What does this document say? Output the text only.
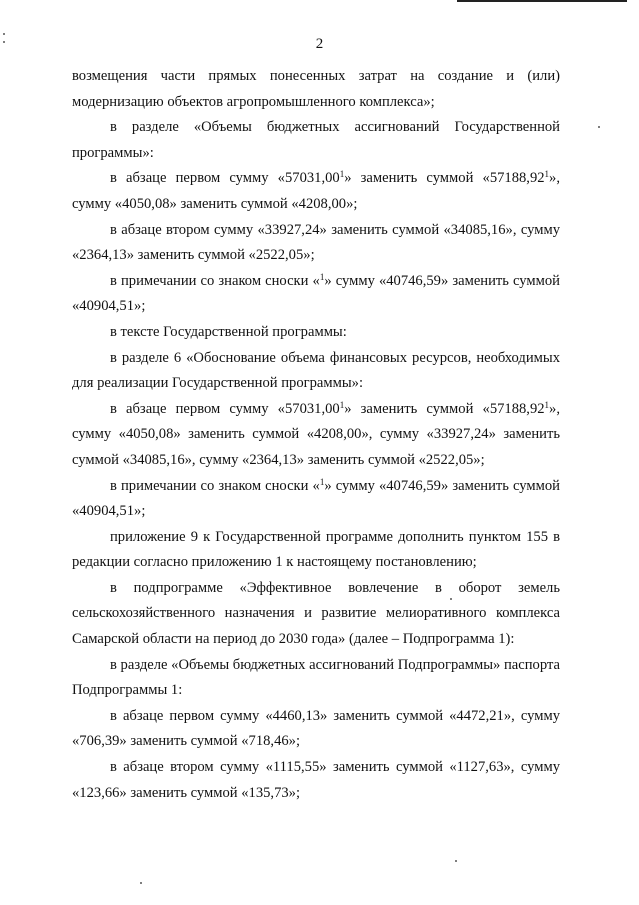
2

возмещения части прямых понесенных затрат на создание и (или) модернизацию объектов агропромышленного комплекса»;

в разделе «Объемы бюджетных ассигнований Государственной программы»:

в абзаце первом сумму «57031,00$^1$» заменить суммой «57188,92$^1$», сумму «4050,08» заменить суммой «4208,00»;

в абзаце втором сумму «33927,24» заменить суммой «34085,16», сумму «2364,13» заменить суммой «2522,05»;

в примечании со знаком сноски «$^1$» сумму «40746,59» заменить суммой «40904,51»;

в тексте Государственной программы:

в разделе 6 «Обоснование объема финансовых ресурсов, необходимых для реализации Государственной программы»:

в абзаце первом сумму «57031,00$^1$» заменить суммой «57188,92$^1$», сумму «4050,08» заменить суммой «4208,00», сумму «33927,24» заменить суммой «34085,16», сумму «2364,13» заменить суммой «2522,05»;

в примечании со знаком сноски «$^1$» сумму «40746,59» заменить суммой «40904,51»;

приложение 9 к Государственной программе дополнить пунктом 155 в редакции согласно приложению 1 к настоящему постановлению;

в подпрограмме «Эффективное вовлечение в оборот земель сельскохозяйственного назначения и развитие мелиоративного комплекса Самарской области на период до 2030 года» (далее – Подпрограмма 1):

в разделе «Объемы бюджетных ассигнований Подпрограммы» паспорта Подпрограммы 1:

в абзаце первом сумму «4460,13» заменить суммой «4472,21», сумму «706,39» заменить суммой «718,46»;

в абзаце втором сумму «1115,55» заменить суммой «1127,63», сумму «123,66» заменить суммой «135,73»;
